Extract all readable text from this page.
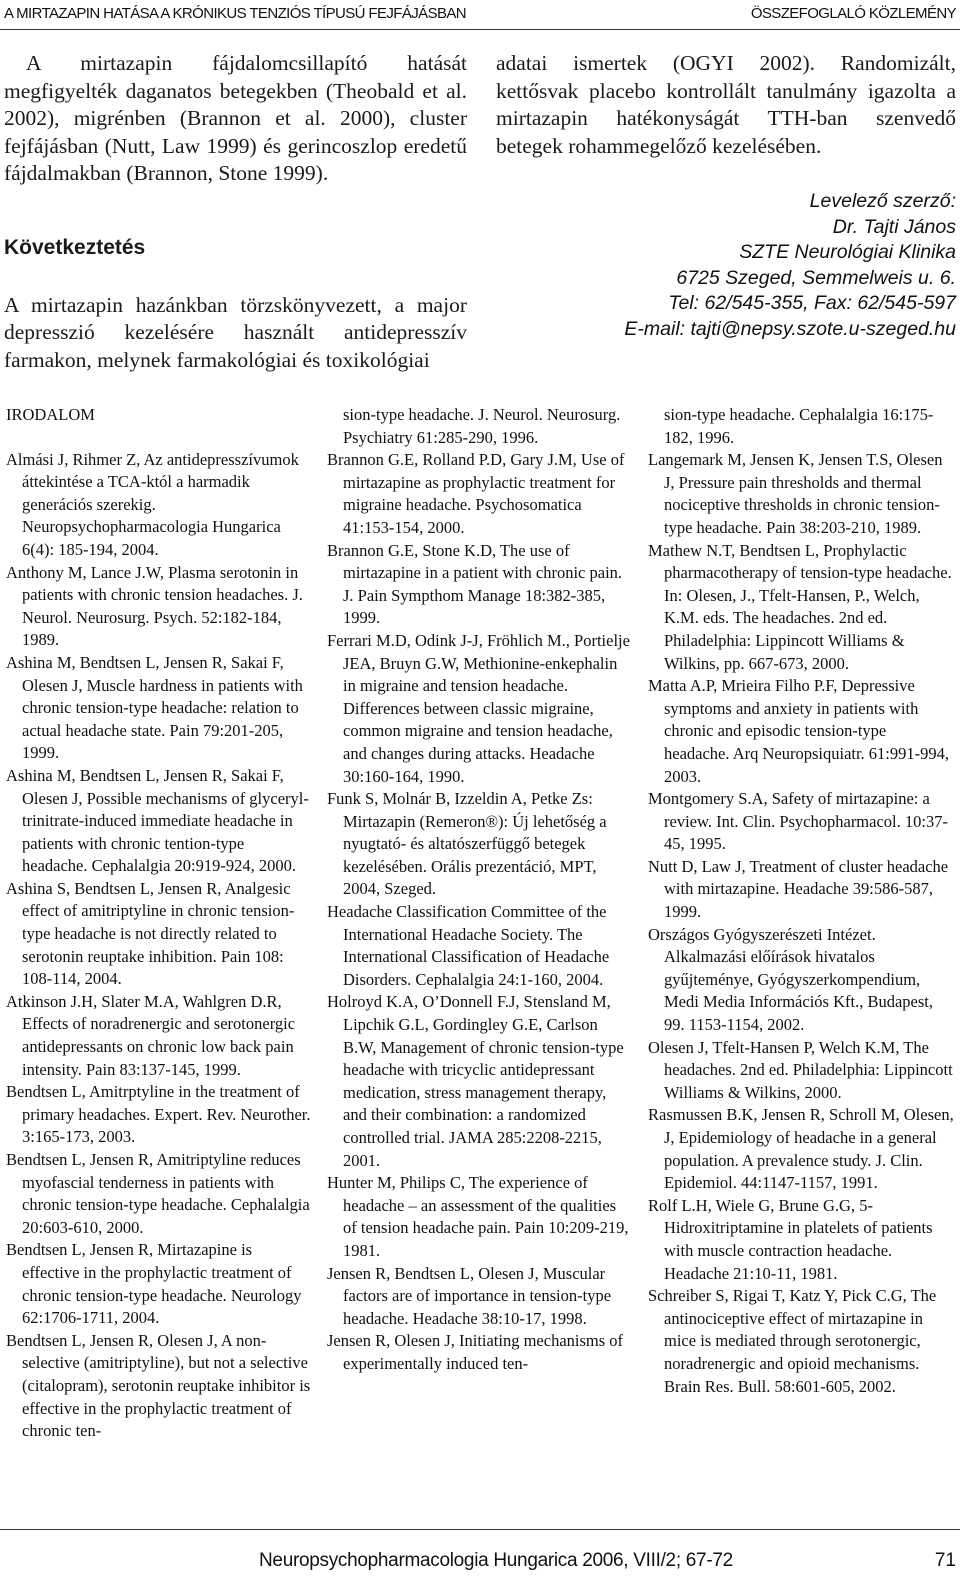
A MIRTAZAPIN HATÁSA A KRÓNIKUS TENZIÓS TÍPUSÚ FEJFÁJÁSBAN	ÖSSZEFOGLALÓ KÖZLEMÉNY

A mirtazapin fájdalomcsillapító hatását megfigyelték daganatos betegekben (Theobald et al. 2002), migrénben (Brannon et al. 2000), cluster fejfájásban (Nutt, Law 1999) és gerincoszlop eredetű fájdalmakban (Brannon, Stone 1999).

Következtetés

A mirtazapin hazánkban törzskönyvezett, a major depresszió kezelésére használt antidepresszív farmakon, melynek farmakológiai és toxikológiai

adatai ismertek (OGYI 2002). Randomizált, kettősvak placebo kontrollált tanulmány igazolta a mirtazapin hatékonyságát TTH-ban szenvedő betegek rohammegelőző kezelésében.

Levelező szerző:
Dr. Tajti János
SZTE Neurológiai Klinika
6725 Szeged, Semmelweis u. 6.
Tel: 62/545-355, Fax: 62/545-597
E-mail: tajti@nepsy.szote.u-szeged.hu

IRODALOM

Almási J, Rihmer Z, Az antidepresszívumok áttekintése a TCA-któl a harmadik generációs szerekig. Neuropsychopharmacologia Hungarica 6(4): 185-194, 2004.

Anthony M, Lance J.W, Plasma serotonin in patients with chronic tension headaches. J. Neurol. Neurosurg. Psych. 52:182-184, 1989.

Ashina M, Bendtsen L, Jensen R, Sakai F, Olesen J, Muscle hardness in patients with chronic tension-type headache: relation to actual headache state. Pain 79:201-205, 1999.

Ashina M, Bendtsen L, Jensen R, Sakai F, Olesen J, Possible mechanisms of glyceryl-trinitrate-induced immediate headache in patients with chronic tention-type headache. Cephalalgia 20:919-924, 2000.

Ashina S, Bendtsen L, Jensen R, Analgesic effect of amitriptyline in chronic tension-type headache is not directly related to serotonin reuptake inhibition. Pain 108: 108-114, 2004.

Atkinson J.H, Slater M.A, Wahlgren D.R, Effects of noradrenergic and serotonergic antidepressants on chronic low back pain intensity. Pain 83:137-145, 1999.

Bendtsen L, Amitrptyline in the treatment of primary headaches. Expert. Rev. Neurother. 3:165-173, 2003.

Bendtsen L, Jensen R, Amitriptyline reduces myofascial tenderness in patients with chronic tension-type headache. Cephalalgia 20:603-610, 2000.

Bendtsen L, Jensen R, Mirtazapine is effective in the prophylactic treatment of chronic tension-type headache. Neurology 62:1706-1711, 2004.

Bendtsen L, Jensen R, Olesen J, A non-selective (amitriptyline), but not a selective (citalopram), serotonin reuptake inhibitor is effective in the prophylactic treatment of chronic ten-

sion-type headache. J. Neurol. Neurosurg. Psychiatry 61:285-290, 1996.

Brannon G.E, Rolland P.D, Gary J.M, Use of mirtazapine as prophylactic treatment for migraine headache. Psychosomatica 41:153-154, 2000.

Brannon G.E, Stone K.D, The use of mirtazapine in a patient with chronic pain. J. Pain Sympthom Manage 18:382-385, 1999.

Ferrari M.D, Odink J-J, Fröhlich M., Portielje JEA, Bruyn G.W, Methionine-enkephalin in migraine and tension headache. Differences between classic migraine, common migraine and tension headache, and changes during attacks. Headache 30:160-164, 1990.

Funk S, Molnár B, Izzeldin A, Petke Zs: Mirtazapin (Remeron®): Új lehetőség a nyugtató- és altatószerfüggő betegek kezelésében. Orális prezentáció, MPT, 2004, Szeged.

Headache Classification Committee of the International Headache Society. The International Classification of Headache Disorders. Cephalalgia 24:1-160, 2004.

Holroyd K.A, O’Donnell F.J, Stensland M, Lipchik G.L, Gordingley G.E, Carlson B.W, Management of chronic tension-type headache with tricyclic antidepressant medication, stress management therapy, and their combination: a randomized controlled trial. JAMA 285:2208-2215, 2001.

Hunter M, Philips C, The experience of headache – an assessment of the qualities of tension headache pain. Pain 10:209-219, 1981.

Jensen R, Bendtsen L, Olesen J, Muscular factors are of importance in tension-type headache. Headache 38:10-17, 1998.

Jensen R, Olesen J, Initiating mechanisms of experimentally induced ten-

sion-type headache. Cephalalgia 16:175-182, 1996.

Langemark M, Jensen K, Jensen T.S, Olesen J, Pressure pain thresholds and thermal nociceptive thresholds in chronic tension-type headache. Pain 38:203-210, 1989.

Mathew N.T, Bendtsen L, Prophylactic pharmacotherapy of tension-type headache. In: Olesen, J., Tfelt-Hansen, P., Welch, K.M. eds. The headaches. 2nd ed. Philadelphia: Lippincott Williams & Wilkins, pp. 667-673, 2000.

Matta A.P, Mrieira Filho P.F, Depressive symptoms and anxiety in patients with chronic and episodic tension-type headache. Arq Neuropsiquiatr. 61:991-994, 2003.

Montgomery S.A, Safety of mirtazapine: a review. Int. Clin. Psychopharmacol. 10:37-45, 1995.

Nutt D, Law J, Treatment of cluster headache with mirtazapine. Headache 39:586-587, 1999.

Országos Gyógyszerészeti Intézet. Alkalmazási előírások hivatalos gyűjteménye, Gyógyszerkompendium, Medi Media Információs Kft., Budapest, 99. 1153-1154, 2002.

Olesen J, Tfelt-Hansen P, Welch K.M, The headaches. 2nd ed. Philadelphia: Lippincott Williams & Wilkins, 2000.

Rasmussen B.K, Jensen R, Schroll M, Olesen, J, Epidemiology of headache in a general population. A prevalence study. J. Clin. Epidemiol. 44:1147-1157, 1991.

Rolf L.H, Wiele G, Brune G.G, 5-Hidroxitriptamine in platelets of patients with muscle contraction headache. Headache 21:10-11, 1981.

Schreiber S, Rigai T, Katz Y, Pick C.G, The antinociceptive effect of mirtazapine in mice is mediated through serotonergic, noradrenergic and opioid mechanisms. Brain Res. Bull. 58:601-605, 2002.

Neuropsychopharmacologia Hungarica 2006, VIII/2; 67-72	71
